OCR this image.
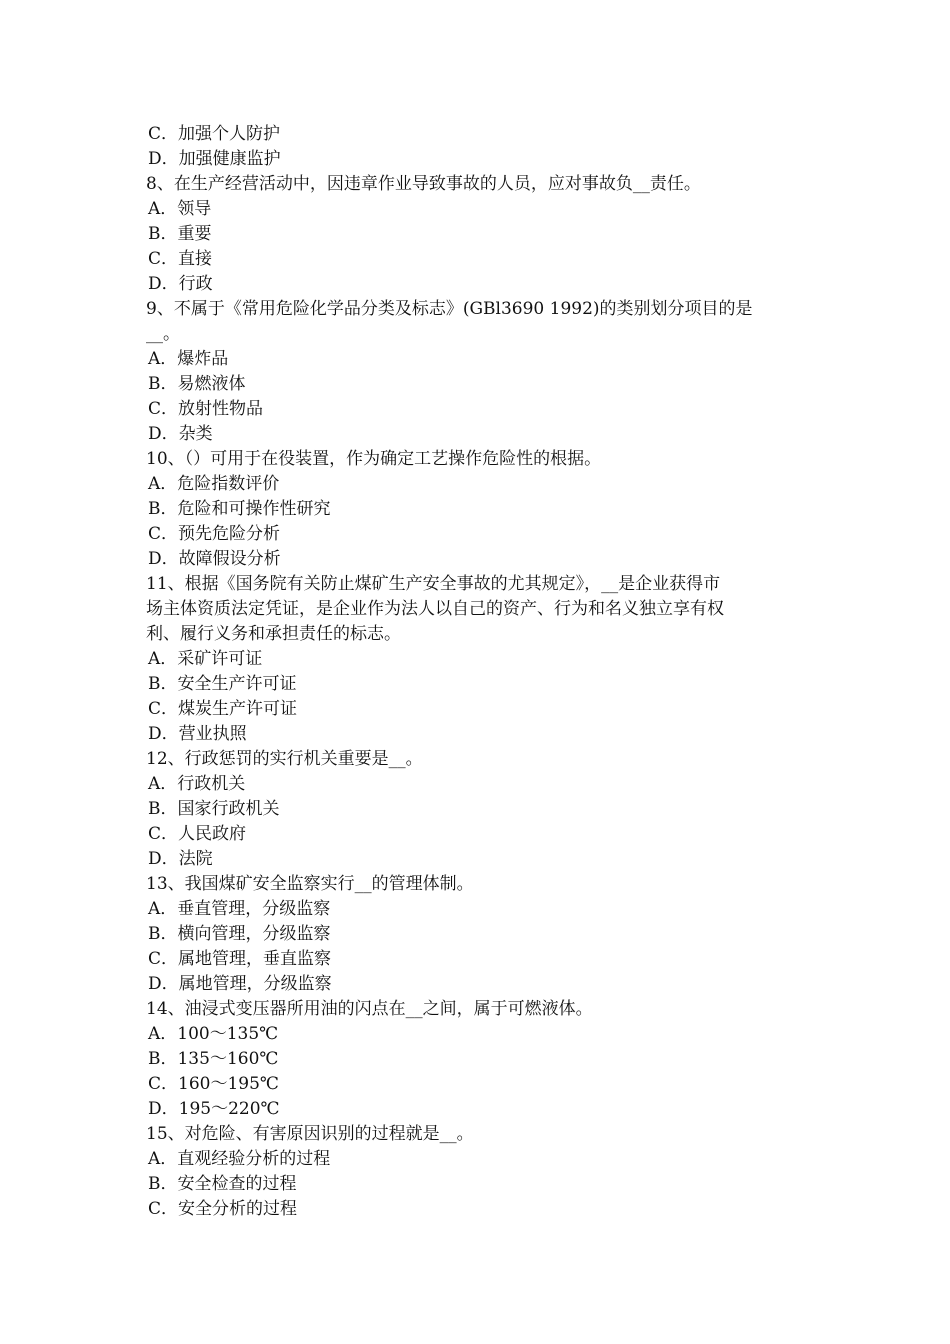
C．加强个人防护
D．加强健康监护
8、在生产经营活动中，因违章作业导致事故的人员，应对事故负__责任。
A．领导
B．重要
C．直接
D．行政
9、不属于《常用危险化学品分类及标志》(GBl3690 1992)的类别划分项目的是
__。
A．爆炸品
B．易燃液体
C．放射性物品
D．杂类
10、（）可用于在役装置，作为确定工艺操作危险性的根据。
A．危险指数评价
B．危险和可操作性研究
C．预先危险分析
D．故障假设分析
11、根据《国务院有关防止煤矿生产安全事故的尤其规定》，__是企业获得市
场主体资质法定凭证，是企业作为法人以自己的资产、行为和名义独立享有权
利、履行义务和承担责任的标志。
A．采矿许可证
B．安全生产许可证
C．煤炭生产许可证
D．营业执照
12、行政惩罚的实行机关重要是__。
A．行政机关
B．国家行政机关
C．人民政府
D．法院
13、我国煤矿安全监察实行__的管理体制。
A．垂直管理，分级监察
B．横向管理，分级监察
C．属地管理，垂直监察
D．属地管理，分级监察
14、油浸式变压器所用油的闪点在__之间，属于可燃液体。
A．100～135℃
B．135～160℃
C．160～195℃
D．195～220℃
15、对危险、有害原因识别的过程就是__。
A．直观经验分析的过程
B．安全检查的过程
C．安全分析的过程
